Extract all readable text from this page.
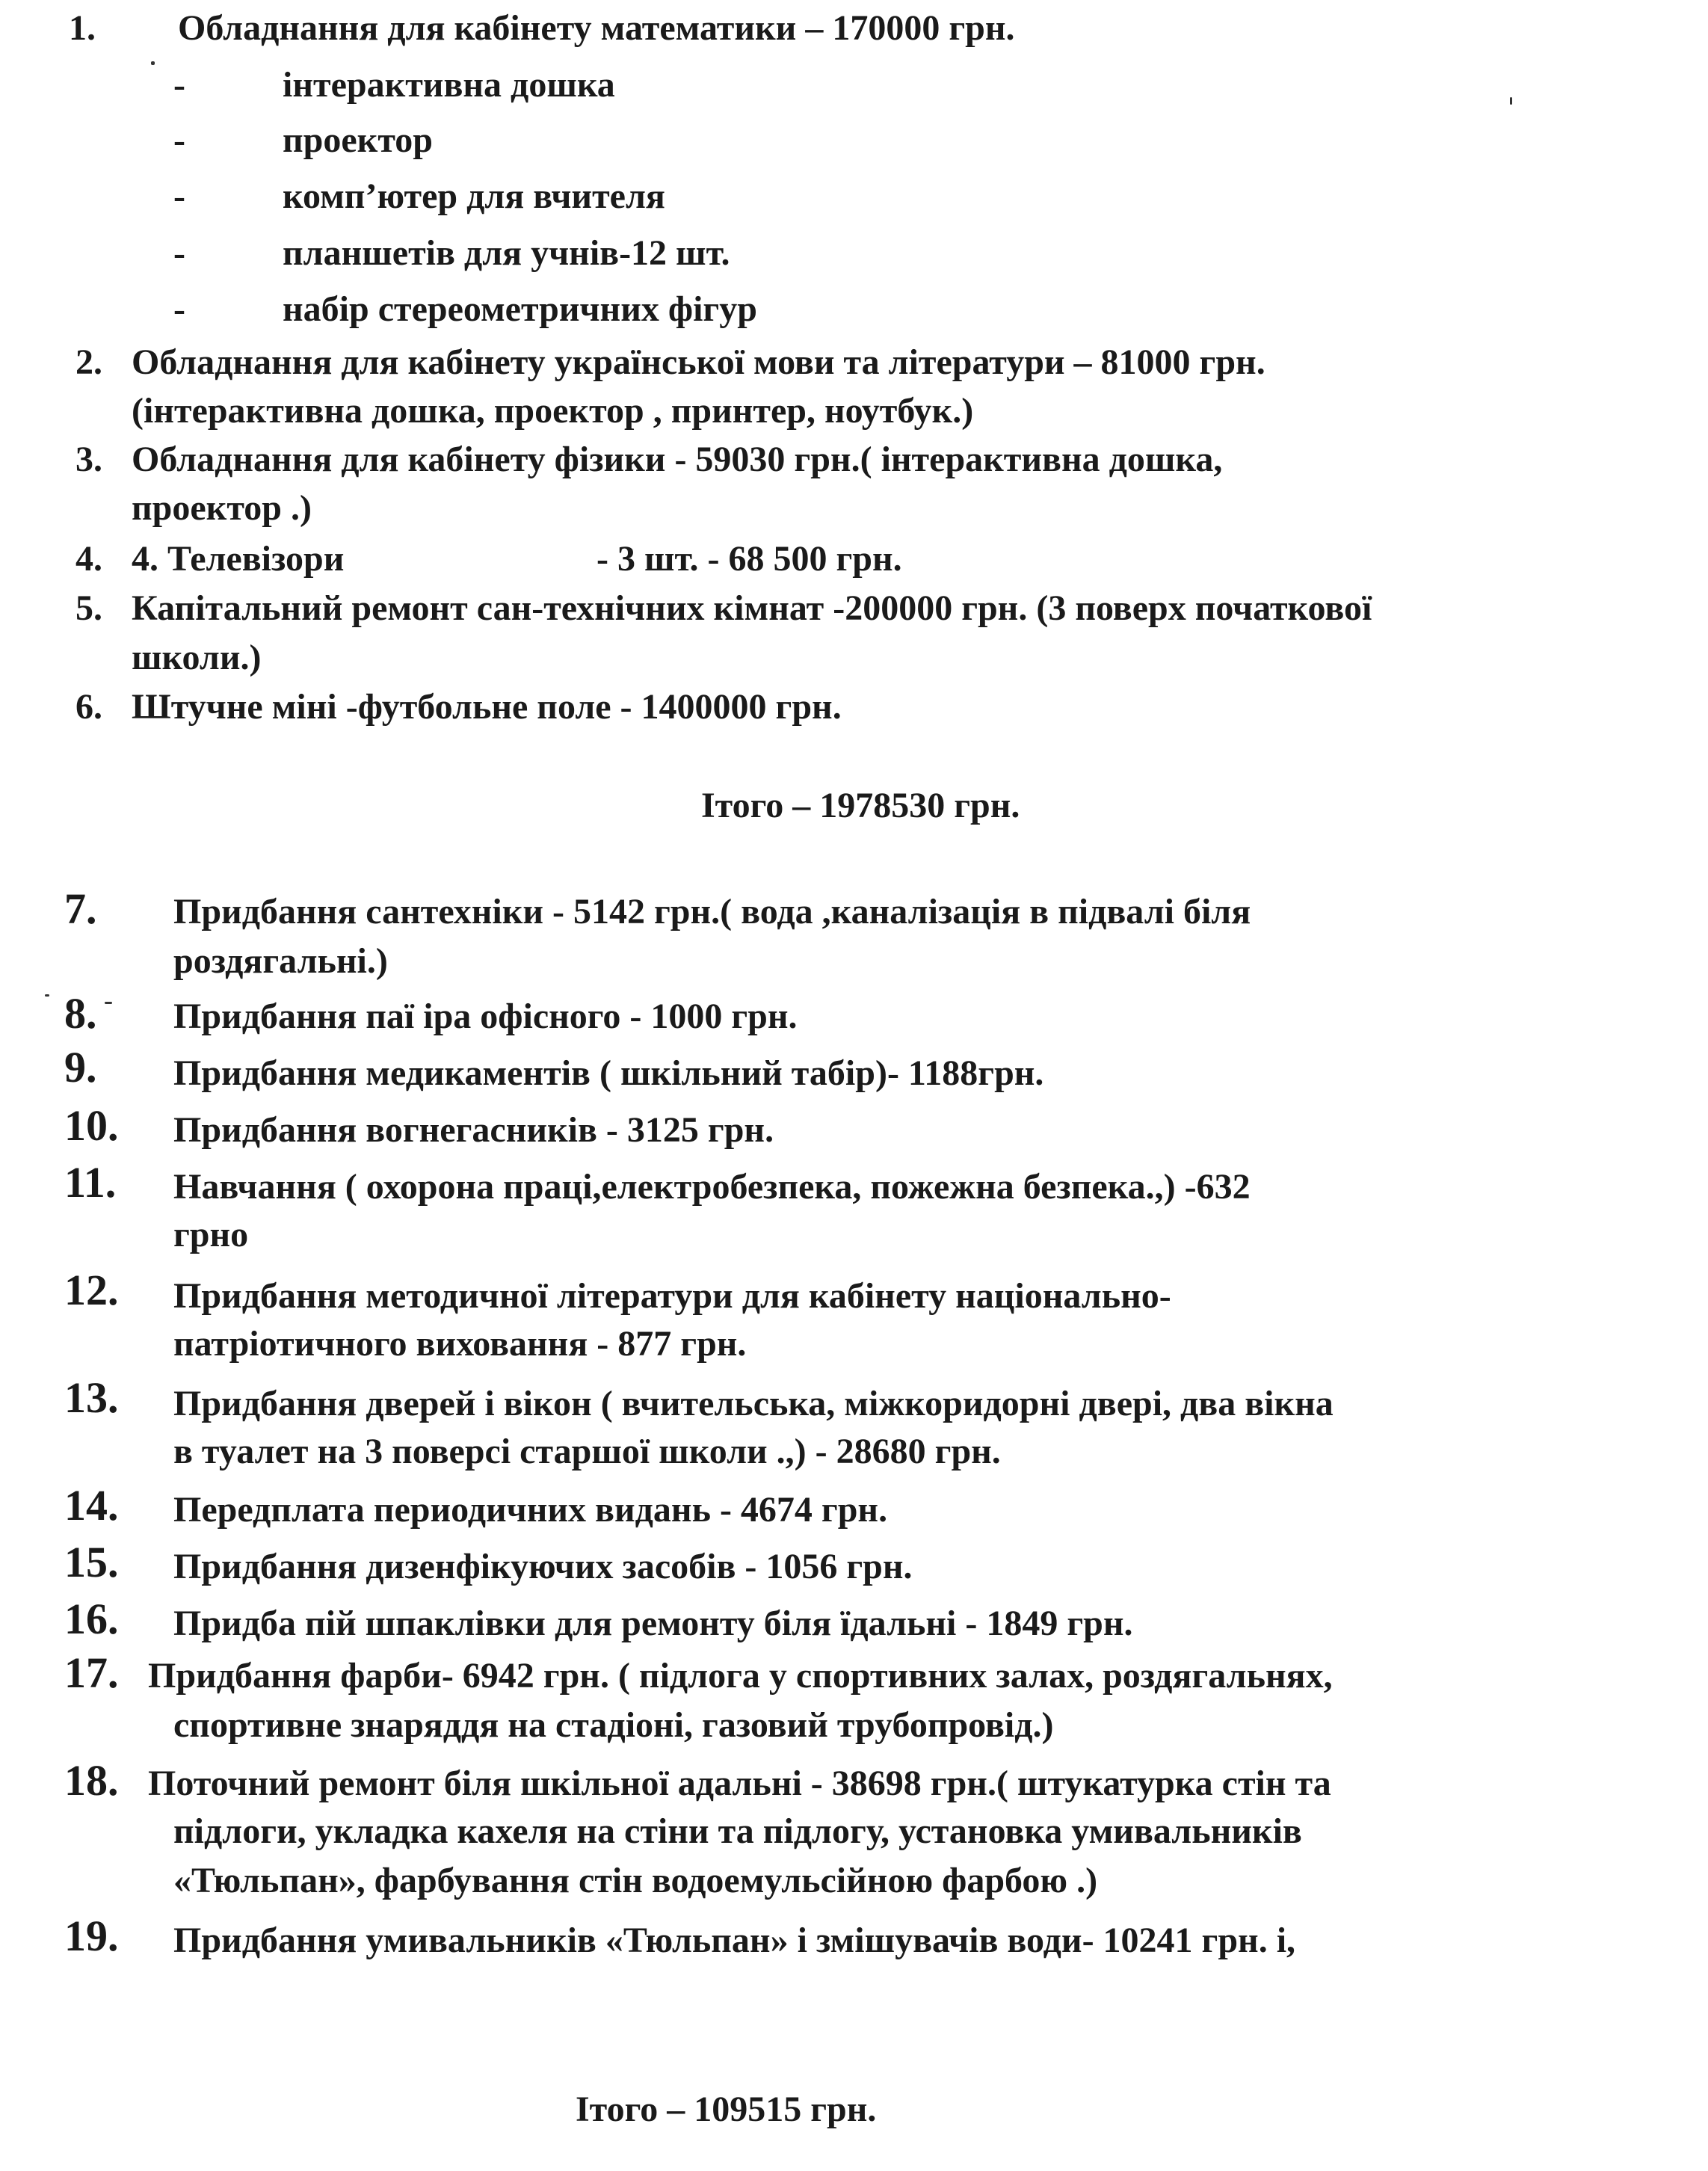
1. Обладнання для кабінету математики – 170000 грн.
-	інтерактивна дошка
-	проектор
-	комп’ютер для вчителя
-	планшетів для учнів-12 шт.
-	набір стереометричних фігур
2. Обладнання для кабінету української мови та літератури – 81000 грн.
(інтерактивна дошка, проектор , принтер, ноутбук.)
3. Обладнання для кабінету фізики - 59030 грн.( інтерактивна дошка,
проектор .)
4. 4. Телевізори	- 3 шт. - 68 500 грн.
5. Капітальний ремонт сан-технічних кімнат -200000 грн. (3 поверх початкової
школи.)
6. Штучне міні -футбольне поле - 1400000 грн.
Ітого – 1978530 грн.
7. Придбання сантехніки - 5142 грн.( вода ,каналізація в підвалі біля
роздягальні.)
8. Придбання паї іра офісного - 1000 грн.
9. Придбання медикаментів ( шкільний табір)- 1188грн.
10. Придбання вогнегасників - 3125 грн.
11. Навчання ( охорона праці,електробезпека, пожежна безпека.,) -632
грно
12. Придбання методичної літератури для кабінету національно-
патріотичного виховання - 877 грн.
13. Придбання дверей і вікон ( вчительська, міжкоридорні двері, два вікна
в туалет на 3 поверсі старшої школи .,) - 28680 грн.
14. Передплата периодичних видань - 4674 грн.
15. Придбання дизенфікуючих засобів - 1056 грн.
16. Придба пій шпаклівки для ремонту біля їдальні - 1849 грн.
17. Придбання фарби- 6942 грн. ( підлога у спортивних залах, роздягальнях,
спортивне знаряддя на стадіоні, газовий трубопровід.)
18. Поточний ремонт біля шкільної адальні - 38698 грн.( штукатурка стін та
підлоги, укладка кахеля на стіни та підлогу, установка умивальників
«Тюльпан», фарбування стін водоемульсійною фарбою .)
19. Придбання умивальників «Тюльпан» і змішувачів води- 10241 грн. і,
Ітого – 109515 грн.
